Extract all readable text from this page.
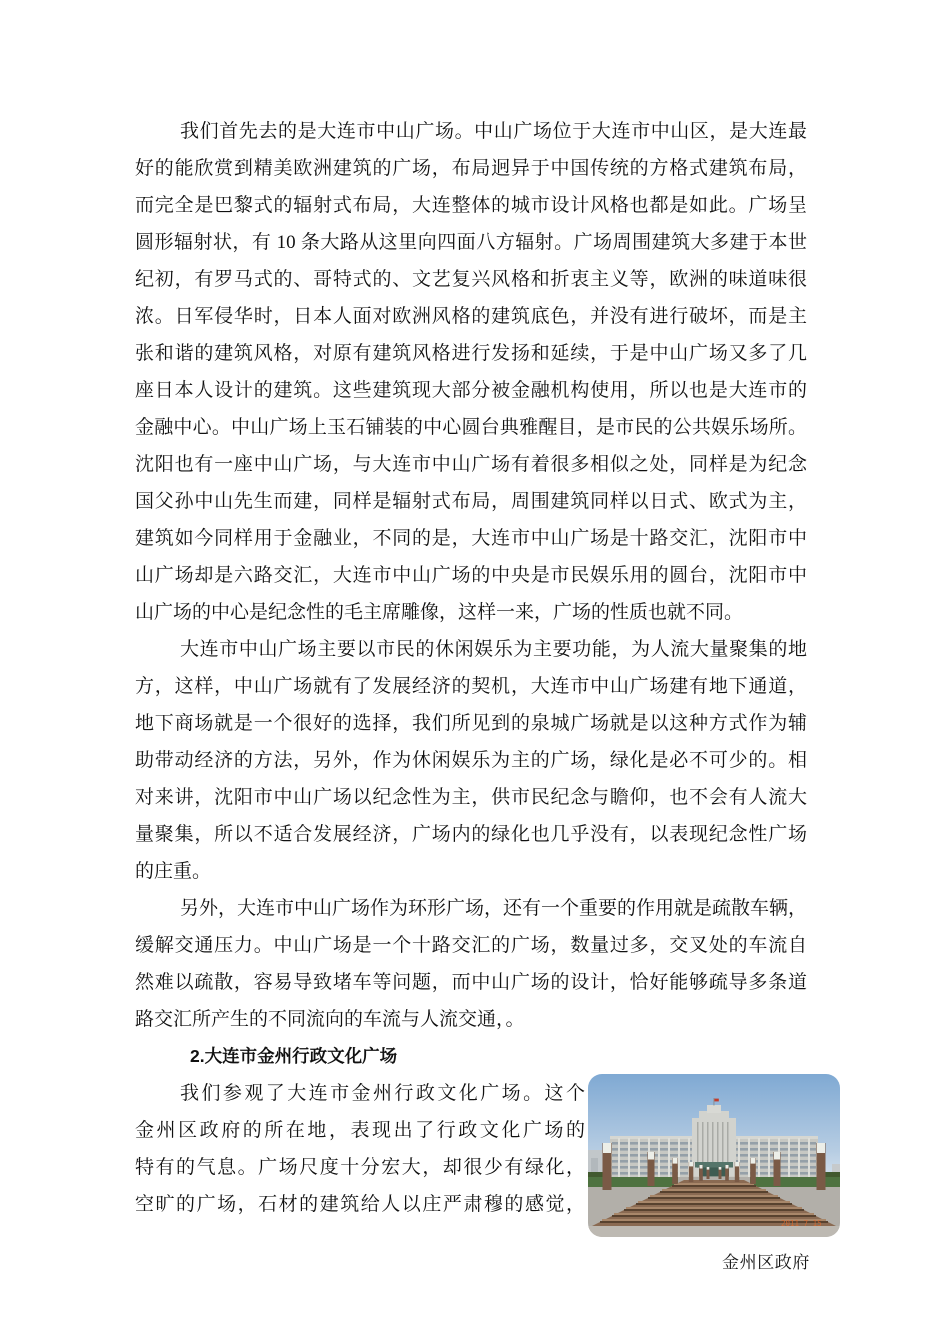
我们首先去的是大连市中山广场。中山广场位于大连市中山区，是大连最
好的能欣赏到精美欧洲建筑的广场，布局迥异于中国传统的方格式建筑布局，
而完全是巴黎式的辐射式布局，大连整体的城市设计风格也都是如此。广场呈
圆形辐射状，有 10 条大路从这里向四面八方辐射。广场周围建筑大多建于本世
纪初，有罗马式的、哥特式的、文艺复兴风格和折衷主义等，欧洲的味道味很
浓。日军侵华时，日本人面对欧洲风格的建筑底色，并没有进行破坏，而是主
张和谐的建筑风格，对原有建筑风格进行发扬和延续，于是中山广场又多了几
座日本人设计的建筑。这些建筑现大部分被金融机构使用，所以也是大连市的
金融中心。中山广场上玉石铺装的中心圆台典雅醒目，是市民的公共娱乐场所。
沈阳也有一座中山广场，与大连市中山广场有着很多相似之处，同样是为纪念
国父孙中山先生而建，同样是辐射式布局，周围建筑同样以日式、欧式为主，
建筑如今同样用于金融业，不同的是，大连市中山广场是十路交汇，沈阳市中
山广场却是六路交汇，大连市中山广场的中央是市民娱乐用的圆台，沈阳市中
山广场的中心是纪念性的毛主席雕像，这样一来，广场的性质也就不同。
大连市中山广场主要以市民的休闲娱乐为主要功能，为人流大量聚集的地
方，这样，中山广场就有了发展经济的契机，大连市中山广场建有地下通道，
地下商场就是一个很好的选择，我们所见到的泉城广场就是以这种方式作为辅
助带动经济的方法，另外，作为休闲娱乐为主的广场，绿化是必不可少的。相
对来讲，沈阳市中山广场以纪念性为主，供市民纪念与瞻仰，也不会有人流大
量聚集，所以不适合发展经济，广场内的绿化也几乎没有，以表现纪念性广场
的庄重。
另外，大连市中山广场作为环形广场，还有一个重要的作用就是疏散车辆，
缓解交通压力。中山广场是一个十路交汇的广场，数量过多，交叉处的车流自
然难以疏散，容易导致堵车等问题，而中山广场的设计，恰好能够疏导多条道
路交汇所产生的不同流向的车流与人流交通，。
2.大连市金州行政文化广场
我们参观了大连市金州行政文化广场。这个
金州区政府的所在地，表现出了行政文化广场的
特有的气息。广场尺度十分宏大，却很少有绿化，
空旷的广场，石材的建筑给人以庄严肃穆的感觉，
2011 7 15
金州区政府
